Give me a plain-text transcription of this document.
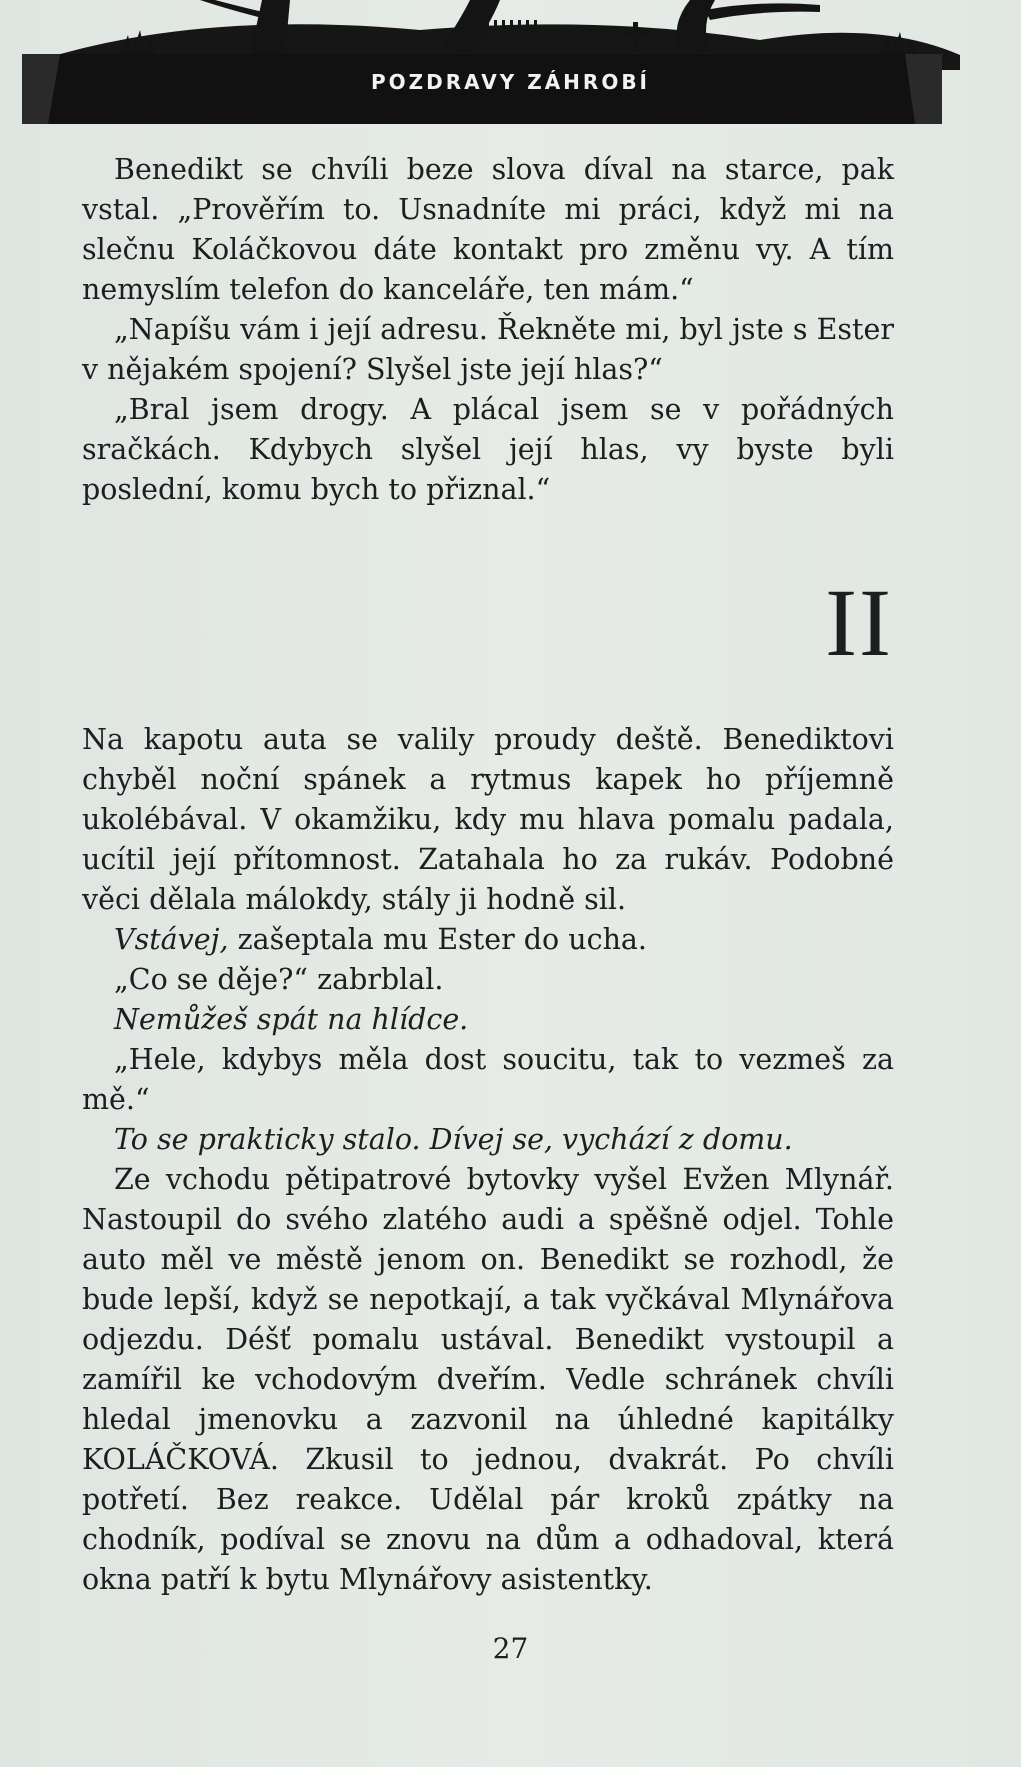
POZDRAVY ZÁHROBÍ

Benedikt se chvíli beze slova díval na starce, pak vstal. „Prověřím to. Usnadníte mi práci, když mi na slečnu Koláčkovou dáte kontakt pro změnu vy. A tím nemyslím telefon do kanceláře, ten mám.“

„Napíšu vám i její adresu. Řekněte mi, byl jste s Ester v nějakém spojení? Slyšel jste její hlas?“

„Bral jsem drogy. A plácal jsem se v pořádných sračkách. Kdybych slyšel její hlas, vy byste byli poslední, komu bych to přiznal.“

II

Na kapotu auta se valily proudy deště. Benediktovi chyběl noční spánek a rytmus kapek ho příjemně ukolébával. V okamžiku, kdy mu hlava pomalu padala, ucítil její přítomnost. Zatahala ho za rukáv. Podobné věci dělala málokdy, stály ji hodně sil.

Vstávej, zašeptala mu Ester do ucha.

„Co se děje?“ zabrblal.

Nemůžeš spát na hlídce.

„Hele, kdybys měla dost soucitu, tak to vezmeš za mě.“

To se prakticky stalo. Dívej se, vychází z domu.

Ze vchodu pětipatrové bytovky vyšel Evžen Mlynář. Nastoupil do svého zlatého audi a spěšně odjel. Tohle auto měl ve městě jenom on. Benedikt se rozhodl, že bude lepší, když se nepotkají, a tak vyčkával Mlynářova odjezdu. Déšť pomalu ustával. Benedikt vystoupil a zamířil ke vchodovým dveřím. Vedle schránek chvíli hledal jmenovku a zazvonil na úhledné kapitálky KOLÁČKOVÁ. Zkusil to jednou, dvakrát. Po chvíli potřetí. Bez reakce. Udělal pár kroků zpátky na chodník, podíval se znovu na dům a odhadoval, která okna patří k bytu Mlynářovy asistentky.

27
